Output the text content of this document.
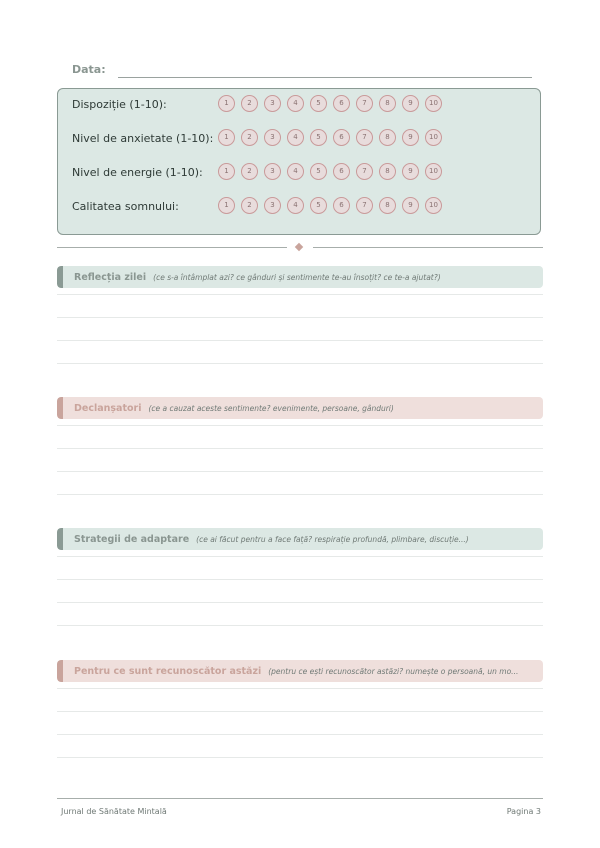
Data:
Dispoziție (1-10):	1	2	3	4	5	6	7	8	9	10
Nivel de anxietate (1-10):	1	2	3	4	5	6	7	8	9	10
Nivel de energie (1-10):	1	2	3	4	5	6	7	8	9	10
Calitatea somnului:	1	2	3	4	5	6	7	8	9	10
Reflecția zilei (ce s-a întâmplat azi? ce gânduri și sentimente te-au însoțit? ce te-a ajutat?)
Declanșatori (ce a cauzat aceste sentimente? evenimente, persoane, gânduri)
Strategii de adaptare (ce ai făcut pentru a face față? respirație profundă, plimbare, discuție...)
Pentru ce sunt recunoscător astăzi (pentru ce ești recunoscător astăzi? numește o persoană, un mo...
Jurnal de Sănătate Mintală	Pagina 3
